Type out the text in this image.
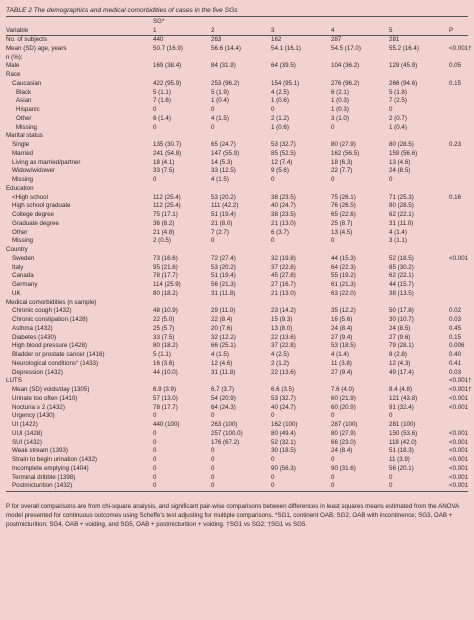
TABLE 2 The demographics and medical comorbidities of cases in the five SGs
	SG*					
Variable	1	2	3	4	5	P
No. of subjects	440	263	162	287	281	
Mean (SD) age, years	50.7 (16.9)	56.6 (14.4)	54.1 (16.1)	54.5 (17.0)	55.2 (16.4)	<0.001†
n (%):						
Male	169 (38.4)	84 (31.9)	64 (39.5)	104 (36.2)	129 (45.9)	0.05
Race						
Caucasian	422 (95.9)	253 (96.2)	154 (95.1)	276 (96.2)	266 (94.6)	0.15
Black	5 (1.1)	5 (1.9)	4 (2.5)	6 (2.1)	5 (1.8)	
Asian	7 (1.6)	1 (0.4)	1 (0.6)	1 (0.3)	7 (2.5)	
Hispanic	0	0	0	1 (0.3)	0	
Other	6 (1.4)	4 (1.5)	2 (1.2)	3 (1.0)	2 (0.7)	
Missing	0	0	1 (0.6)	0	1 (0.4)	
Marital status						
Single	135 (30.7)	65 (24.7)	53 (32.7)	80 (27.9)	80 (28.5)	0.23
Married	241 (54.8)	147 (55.9)	85 (52.5)	162 (56.5)	159 (56.6)	
Living as married/partner	18 (4.1)	14 (5.3)	12 (7.4)	18 (6.3)	13 (4.6)	
Widow/widower	33 (7.5)	33 (12.5)	9 (5.6)	22 (7.7)	24 (8.5)	
Missing	0	4 (1.5)	0	0	0	
Education						
<High school	112 (25.4)	53 (20.2)	38 (23.5)	75 (26.1)	71 (25.3)	0.16
High school graduate	112 (25.4)	111 (42.2)	40 (24.7)	76 (26.5)	80 (28.5)	
College degree	75 (17.1)	51 (19.4)	38 (23.5)	65 (22.6)	62 (22.1)	
Graduate degree	36 (8.2)	21 (8.0)	21 (13.0)	25 (8.7)	31 (11.0)	
Other	21 (4.8)	7 (2.7)	6 (3.7)	13 (4.5)	4 (1.4)	
Missing	2 (0.5)	0	0	0	3 (1.1)	
Country						
Sweden	73 (16.6)	72 (27.4)	32 (19.8)	44 (15.3)	52 (18.5)	<0.001
Italy	95 (21.6)	53 (20.2)	37 (22.8)	64 (22.3)	85 (30.2)	
Canada	78 (17.7)	51 (19.4)	45 (27.8)	55 (19.2)	62 (22.1)	
Germany	114 (25.9)	56 (21.3)	27 (16.7)	61 (21.3)	44 (15.7)	
UK	80 (18.2)	31 (11.8)	21 (13.0)	63 (22.0)	38 (13.5)	
Medical comorbidities (n sample)						
Chronic cough (1432)	48 (10.9)	29 (11.0)	23 (14.2)	35 (12.2)	50 (17.8)	0.02
Chronic constipation (1428)	22 (5.0)	22 (8.4)	15 (9.3)	16 (5.6)	30 (10.7)	0.03
Asthma (1432)	25 (5.7)	20 (7.6)	13 (8.0)	24 (8.4)	24 (8.5)	0.45
Diabetes (1430)	33 (7.5)	32 (12.2)	22 (13.6)	27 (9.4)	27 (9.6)	0.15
High blood pressure (1428)	80 (18.2)	66 (25.1)	37 (22.8)	53 (18.5)	79 (28.1)	0.006
Bladder or prostate cancer (1416)	5 (1.1)	4 (1.5)	4 (2.5)	4 (1.4)	8 (2.8)	0.40
Neurological conditions° (1433)	16 (3.6)	12 (4.6)	2 (1.2)	11 (3.8)	12 (4.3)	0.41
Depression (1432)	44 (10.0)	31 (11.8)	22 (13.6)	27 (9.4)	49 (17.4)	0.03
LUTS						<0.001†
Mean (SD) voids/day (1305)	6.9 (3.9)	6.7 (3.7)	6.6 (3.5)	7.6 (4.0)	8.4 (4.8)	<0.001†
Urinate too often (1410)	57 (13.0)	54 (20.9)	53 (32.7)	60 (21.9)	121 (43.8)	<0.001
Nocturia ≥ 2 (1432)	78 (17.7)	64 (24.3)	40 (24.7)	60 (20.9)	91 (32.4)	<0.001
Urgency (1430)	0	0	0	0	0	
UI (1422)	440 (100)	263 (100)	162 (100)	287 (100)	281 (100)	
UUI (1428)	0	257 (100.0)	80 (49.4)	80 (27.9)	150 (53.6)	<0.001
SUI (1432)	0	176 (67.2)	52 (32.1)	66 (23.0)	118 (42.0)	<0.001
Weak stream (1393)	0	0	30 (18.5)	24 (8.4)	51 (18.3)	<0.001
Strain to begin urination (1432)	0	0	0	0	11 (3.9)	<0.001
Incomplete emptying (1404)	0	0	90 (56.3)	90 (31.6)	56 (20.1)	<0.001
Terminal dribble (1398)	0	0	0	0	0	<0.001
Postmicturition (1432)	0	0	0	0	0	<0.001
P for overall comparisons are from chi-square analysis, and significant pair-wise comparisons between differences in least squares means estimated from the ANOVA model presented for continuous outcomes using Scheffe's test adjusting for multiple comparisons. *SG1, continent OAB; SG2, OAB with incontinence; SG3, OAB + postmicturition; SG4, OAB + voiding, and SG5, OAB + postmicturition + voiding. †SG1 vs SG2; †SG1 vs SG5.
